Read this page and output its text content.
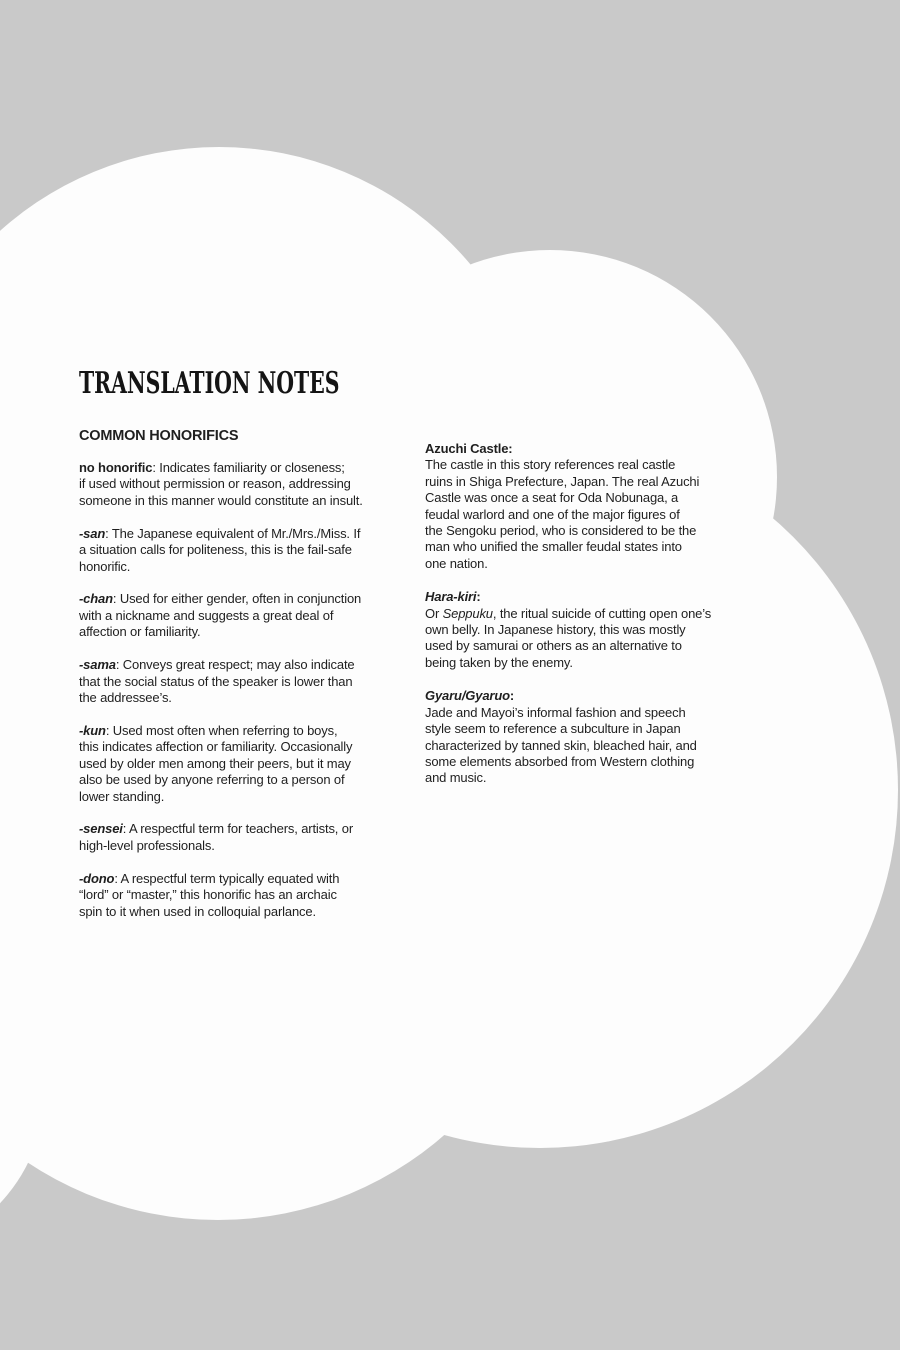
TRANSLATION NOTES
COMMON HONORIFICS
no honorific: Indicates familiarity or closeness;
if used without permission or reason, addressing
someone in this manner would constitute an insult.
-san: The Japanese equivalent of Mr./Mrs./Miss. If
a situation calls for politeness, this is the fail-safe
honorific.
-chan: Used for either gender, often in conjunction
with a nickname and suggests a great deal of
affection or familiarity.
-sama: Conveys great respect; may also indicate
that the social status of the speaker is lower than
the addressee’s.
-kun: Used most often when referring to boys,
this indicates affection or familiarity. Occasionally
used by older men among their peers, but it may
also be used by anyone referring to a person of
lower standing.
-sensei: A respectful term for teachers, artists, or
high-level professionals.
-dono: A respectful term typically equated with
“lord” or “master,” this honorific has an archaic
spin to it when used in colloquial parlance.
Azuchi Castle:
The castle in this story references real castle
ruins in Shiga Prefecture, Japan. The real Azuchi
Castle was once a seat for Oda Nobunaga, a
feudal warlord and one of the major figures of
the Sengoku period, who is considered to be the
man who unified the smaller feudal states into
one nation.
Hara-kiri:
Or Seppuku, the ritual suicide of cutting open one’s
own belly. In Japanese history, this was mostly
used by samurai or others as an alternative to
being taken by the enemy.
Gyaru/Gyaruo:
Jade and Mayoi’s informal fashion and speech
style seem to reference a subculture in Japan
characterized by tanned skin, bleached hair, and
some elements absorbed from Western clothing
and music.
